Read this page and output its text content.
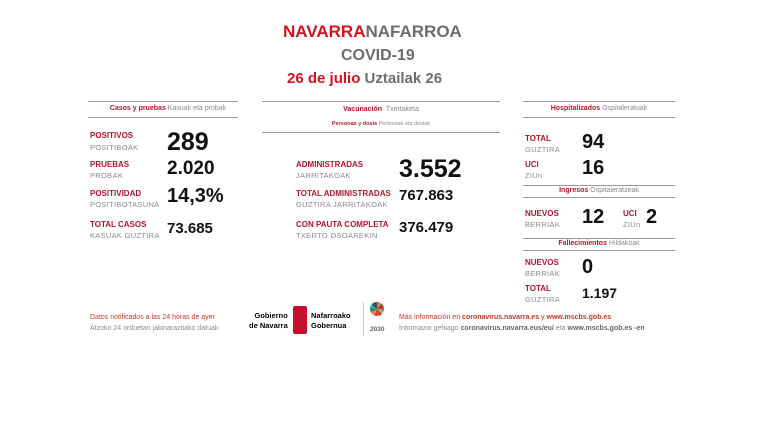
NAVARRANAFARROA
COVID-19
26 de julio Uztailak 26
Casos y pruebas Kasuak eta probak
POSITIVOS
POSITIBOAK 289
PRUEBAS
PROBAK 2.020
POSITIVIDAD
POSITIBOTASUNA 14,3%
TOTAL CASOS
KASUAK GUZTIRA 73.685
Vacunación Txertaketa
Personas y dosis Pertsonak eta dosiak
ADMINISTRADAS
JARRITAKOAK 3.552
TOTAL ADMINISTRADAS
GUZTIRA JARRITAKOAK
767.863
CON PAUTA COMPLETA
TXERTO OSOAREKIN 376.479
Hospitalizados Ospitaleratuak
TOTAL
GUZTIRA 94
UCI
ZIUn 16
Ingresos Ospitaleratzeak
NUEVOS
BERRIAK 12 UCI
ZIUn 2
Fallecimientos Hildakoak
NUEVOS
BERRIAK 0
TOTAL
GUZTIRA 1.197
Datos notificados a las 24 horas de ayer
Atzoko 24 orduetan jakinarazitako datuak
Gobierno
de Navarra
Nafarroako
Gobernua	2030
Más información en coronavirus.navarra.es y www.mscbs.gob.es
Informazio gehiago coronavirus.navarra.eus/eu/ eta www.mscbs.gob.es -en
